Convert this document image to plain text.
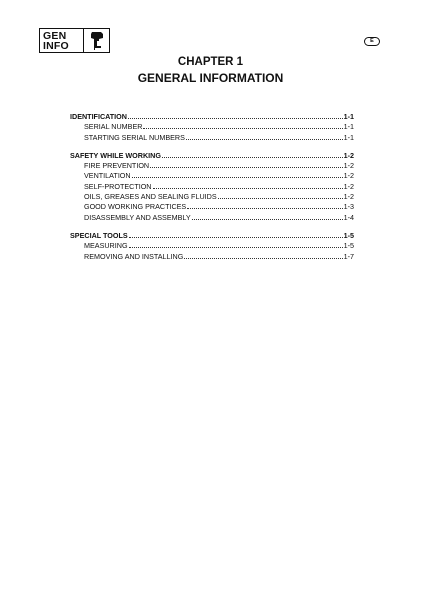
GEN
INFO	E
CHAPTER 1
GENERAL INFORMATION
IDENTIFICATION	1-1
SERIAL NUMBER	1-1
STARTING SERIAL NUMBERS	1-1
SAFETY WHILE WORKING	1-2
FIRE PREVENTION	1-2
VENTILATION	1-2
SELF-PROTECTION	1-2
OILS, GREASES AND SEALING FLUIDS	1-2
GOOD WORKING PRACTICES	1-3
DISASSEMBLY AND ASSEMBLY	1-4
SPECIAL TOOLS	1-5
MEASURING	1-5
REMOVING AND INSTALLING	1-7
